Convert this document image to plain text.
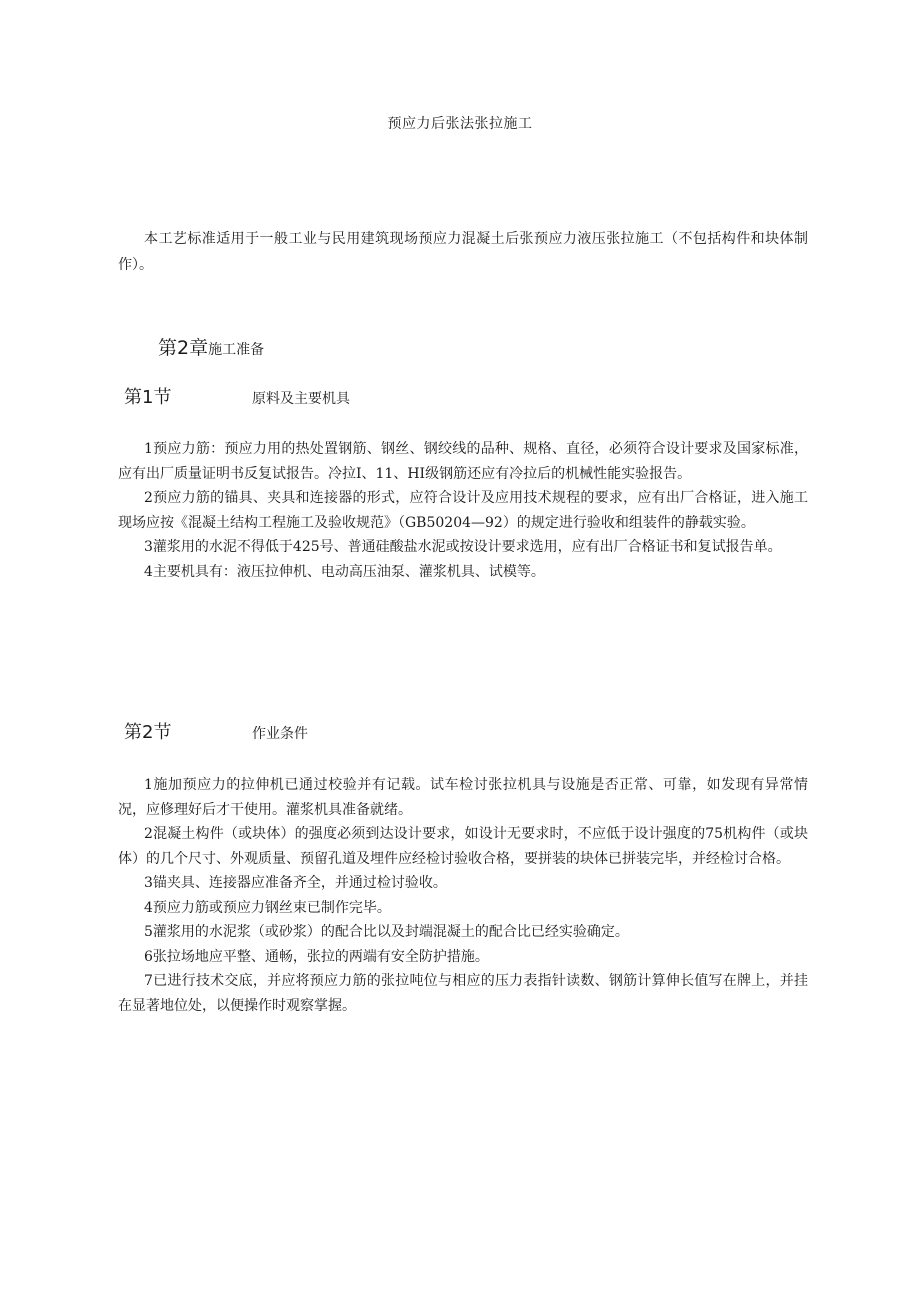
预应力后张法张拉施工
本工艺标准适用于一般工业与民用建筑现场预应力混凝土后张预应力液压张拉施工（不包括构件和块体制作）。
第2章施工准备
第1节	原料及主要机具

1预应力筋：预应力用的热处置钢筋、钢丝、钢绞线的品种、规格、直径，必须符合设计要求及国家标准，应有出厂质量证明书反复试报告。冷拉I、11、HI级钢筋还应有冷拉后的机械性能实验报告。

2预应力筋的锚具、夹具和连接器的形式，应符合设计及应用技术规程的要求，应有出厂合格证，进入施工现场应按《混凝土结构工程施工及验收规范》（GB50204—92）的规定进行验收和组装件的静载实验。

3灌浆用的水泥不得低于425号、普通硅酸盐水泥或按设计要求选用，应有出厂合格证书和复试报告单。

4主要机具有：液压拉伸机、电动高压油泵、灌浆机具、试模等。

第2节	作业条件

1施加预应力的拉伸机已通过校验并有记载。试车检讨张拉机具与设施是否正常、可靠，如发现有异常情况，应修理好后才干使用。灌浆机具准备就绪。

2混凝土构件（或块体）的强度必须到达设计要求，如设计无要求时，不应低于设计强度的75机构件（或块体）的几个尺寸、外观质量、预留孔道及埋件应经检讨验收合格，要拼装的块体已拼装完毕，并经检讨合格。

3锚夹具、连接器应准备齐全，并通过检讨验收。

4预应力筋或预应力钢丝束已制作完毕。

5灌浆用的水泥浆（或砂浆）的配合比以及封端混凝土的配合比已经实验确定。

6张拉场地应平整、通畅，张拉的两端有安全防护措施。

7已进行技术交底，并应将预应力筋的张拉吨位与相应的压力表指针读数、钢筋计算伸长值写在牌上，并挂在显著地位处，以便操作时观察掌握。
